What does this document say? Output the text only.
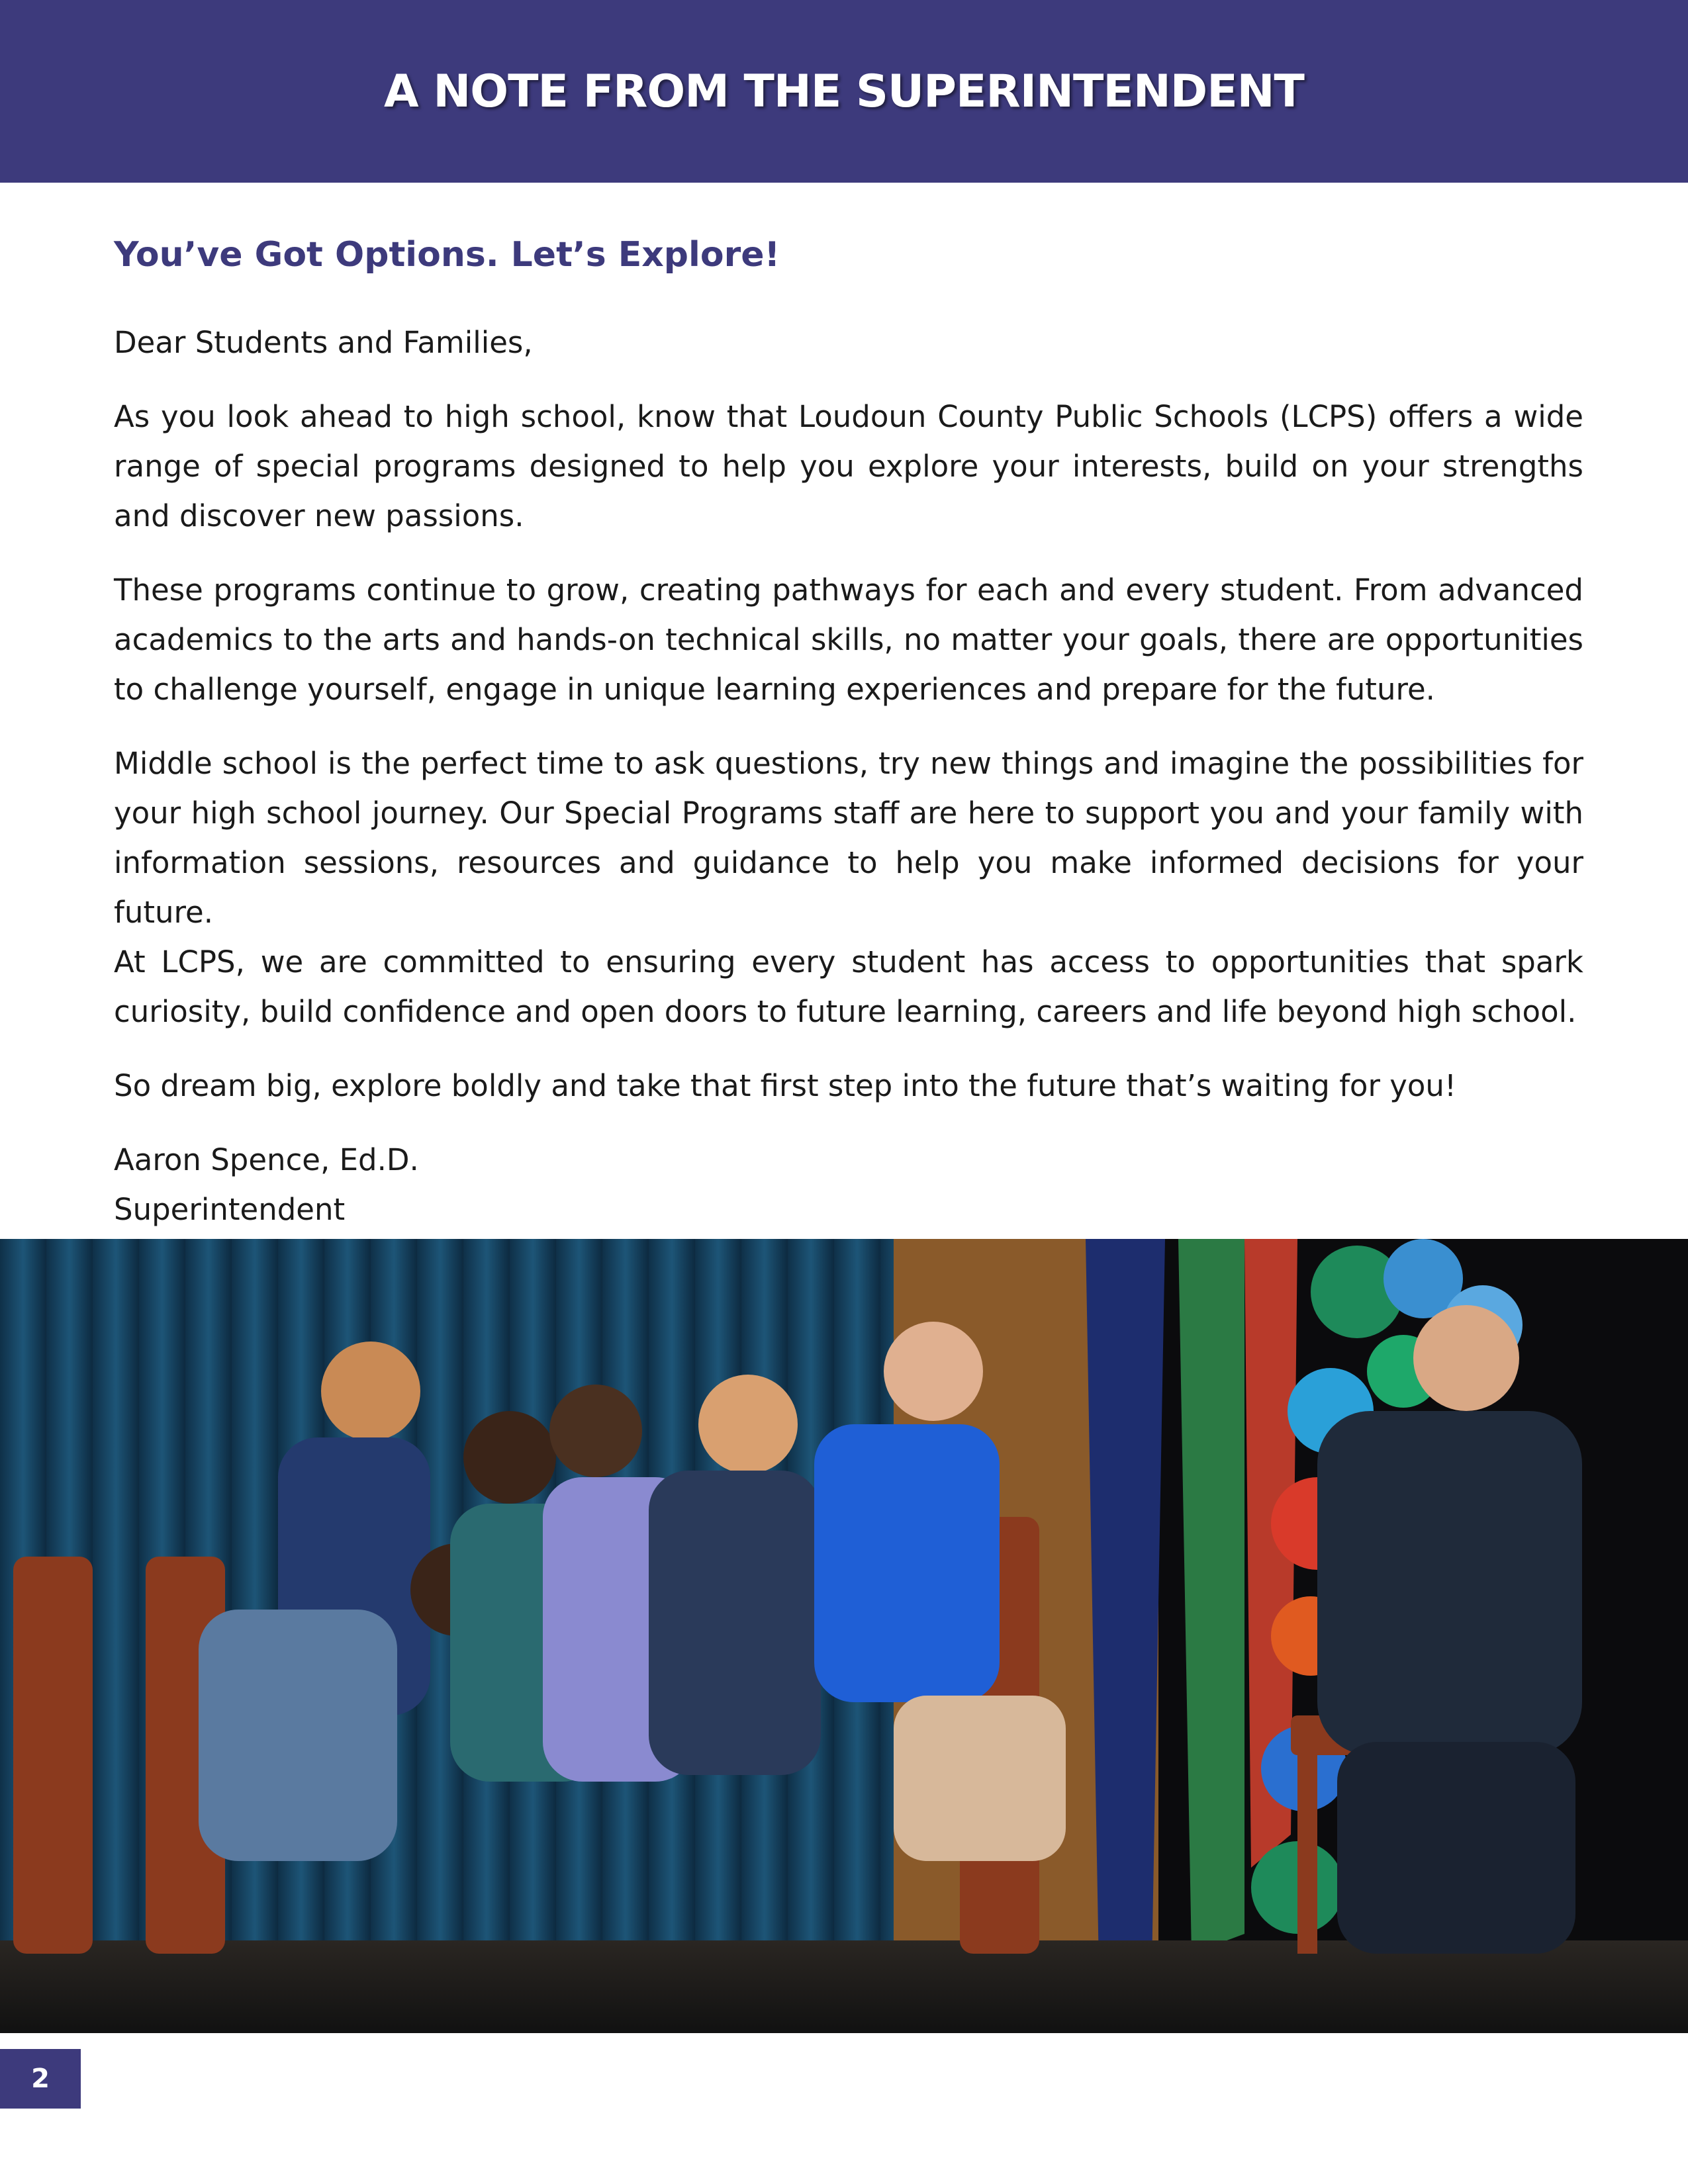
A NOTE FROM THE SUPERINTENDENT
You’ve Got Options. Let’s Explore!

Dear Students and Families,

As you look ahead to high school, know that Loudoun County Public Schools (LCPS) offers a wide range of special programs designed to help you explore your interests, build on your strengths and discover new passions.

These programs continue to grow, creating pathways for each and every student. From advanced academics to the arts and hands-on technical skills, no matter your goals, there are opportunities to challenge yourself, engage in unique learning experiences and prepare for the future.

Middle school is the perfect time to ask questions, try new things and imagine the possibilities for your high school journey. Our Special Programs staff are here to support you and your family with information sessions, resources and guidance to help you make informed decisions for your future.

At LCPS, we are committed to ensuring every student has access to opportunities that spark curiosity, build confidence and open doors to future learning, careers and life beyond high school.

So dream big, explore boldly and take that first step into the future that’s waiting for you!

Aaron Spence, Ed.D.

Superintendent

2
